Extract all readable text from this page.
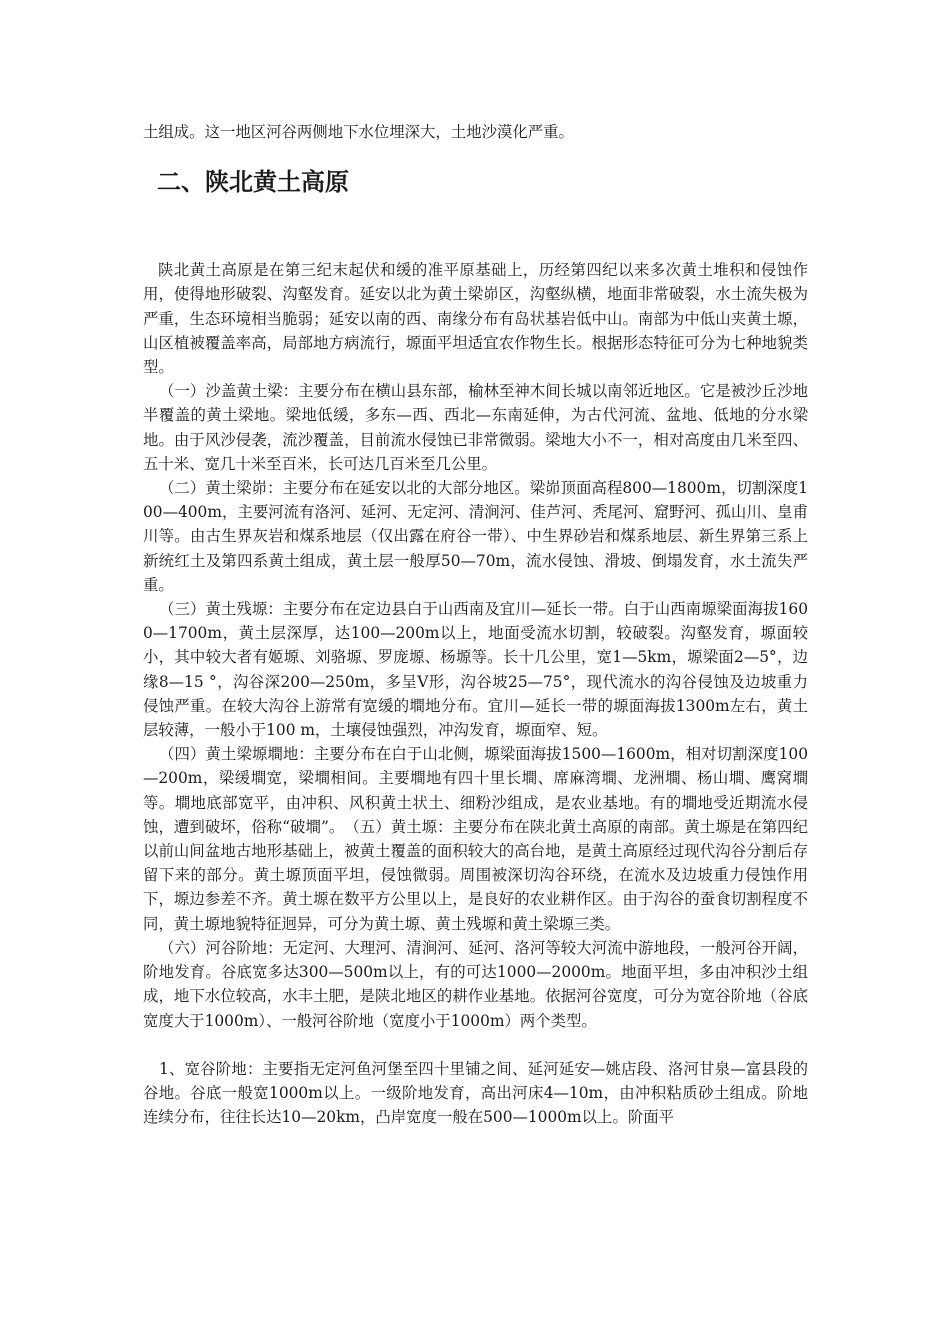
土组成。这一地区河谷两侧地下水位埋深大，土地沙漠化严重。

二、陕北黄土高原

陕北黄土高原是在第三纪末起伏和缓的准平原基础上，历经第四纪以来多次黄土堆积和侵蚀作用，使得地形破裂、沟壑发育。延安以北为黄土梁峁区，沟壑纵横，地面非常破裂，水土流失极为严重，生态环境相当脆弱；延安以南的西、南缘分布有岛状基岩低中山。南部为中低山夹黄土塬，山区植被覆盖率高，局部地方病流行，塬面平坦适宜农作物生长。根据形态特征可分为七种地貌类型。

（一）沙盖黄土梁：主要分布在横山县东部，榆林至神木间长城以南邻近地区。它是被沙丘沙地半覆盖的黄土梁地。梁地低缓，多东—西、西北—东南延伸，为古代河流、盆地、低地的分水梁地。由于风沙侵袭，流沙覆盖，目前流水侵蚀已非常微弱。梁地大小不一，相对高度由几米至四、五十米、宽几十米至百米，长可达几百米至几公里。

（二）黄土梁峁：主要分布在延安以北的大部分地区。梁峁顶面高程800—1800m，切割深度100—400m，主要河流有洛河、延河、无定河、清涧河、佳芦河、秃尾河、窟野河、孤山川、皇甫川等。由古生界灰岩和煤系地层（仅出露在府谷一带）、中生界砂岩和煤系地层、新生界第三系上新统红土及第四系黄土组成，黄土层一般厚50—70m，流水侵蚀、滑坡、倒塌发育，水土流失严重。

（三）黄土残塬：主要分布在定边县白于山西南及宜川—延长一带。白于山西南塬梁面海拔1600—1700m，黄土层深厚，达100—200m以上，地面受流水切割，较破裂。沟壑发育，塬面较小，其中较大者有姬塬、刘骆塬、罗庞塬、杨塬等。长十几公里，宽1—5km，塬梁面2—5°，边缘8—15 °，沟谷深200—250m，多呈V形，沟谷坡25—75°，现代流水的沟谷侵蚀及边坡重力侵蚀严重。在较大沟谷上游常有宽缓的墹地分布。宜川—延长一带的塬面海拔1300m左右，黄土层较薄，一般小于100 m，土壤侵蚀强烈，冲沟发育，塬面窄、短。

（四）黄土梁塬墹地：主要分布在白于山北侧，塬梁面海拔1500—1600m，相对切割深度100—200m，梁缓墹宽，梁墹相间。主要墹地有四十里长墹、席麻湾墹、龙洲墹、杨山墹、鹰窝墹等。墹地底部宽平，由冲积、风积黄土状土、细粉沙组成，是农业基地。有的墹地受近期流水侵蚀，遭到破坏，俗称“破墹”。　（五）黄土塬：主要分布在陕北黄土高原的南部。黄土塬是在第四纪以前山间盆地古地形基础上，被黄土覆盖的面积较大的高台地，是黄土高原经过现代沟谷分割后存留下来的部分。黄土塬顶面平坦，侵蚀微弱。周围被深切沟谷环绕，在流水及边坡重力侵蚀作用下，塬边参差不齐。黄土塬在数平方公里以上，是良好的农业耕作区。由于沟谷的蚕食切割程度不同，黄土塬地貌特征迥异，可分为黄土塬、黄土残塬和黄土梁塬三类。

（六）河谷阶地：无定河、大理河、清涧河、延河、洛河等较大河流中游地段，一般河谷开阔，阶地发育。谷底宽多达300—500m以上，有的可达1000—2000m。地面平坦，多由冲积沙土组成，地下水位较高，水丰土肥，是陕北地区的耕作业基地。依据河谷宽度，可分为宽谷阶地（谷底宽度大于1000m）、一般河谷阶地（宽度小于1000m）两个类型。

1、宽谷阶地：主要指无定河鱼河堡至四十里铺之间、延河延安—姚店段、洛河甘泉—富县段的谷地。谷底一般宽1000m以上。一级阶地发育，高出河床4—10m，由冲积粘质砂土组成。阶地连续分布，往往长达10—20km，凸岸宽度一般在500—1000m以上。阶面平
